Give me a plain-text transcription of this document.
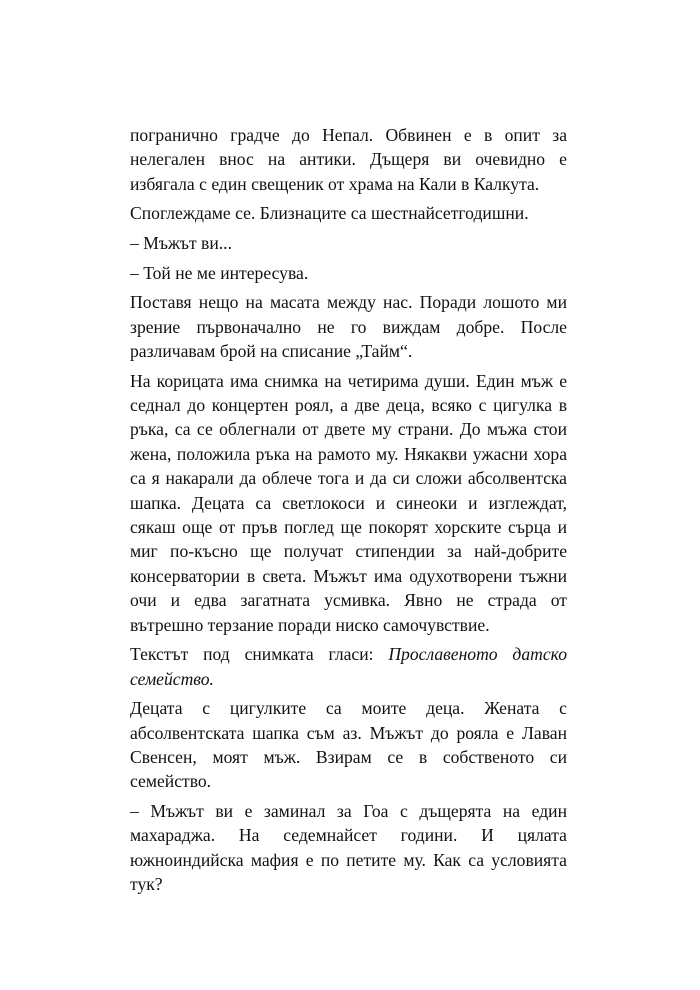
погранично градче до Непал. Обвинен е в опит за нелегален внос на антики. Дъщеря ви очевидно е избягала с един свещеник от храма на Кали в Калкута.

Споглеждаме се. Близнаците са шестнайсетгодишни.

– Мъжът ви...

– Той не ме интересува.

Поставя нещо на масата между нас. Поради лошото ми зрение първоначално не го виждам добре. После различавам брой на списание „Тайм“.

На корицата има снимка на четирима души. Един мъж е седнал до концертен роял, а две деца, всяко с цигулка в ръка, са се облегнали от двете му страни. До мъжа стои жена, положила ръка на рамото му. Някакви ужасни хора са я накарали да облече тога и да си сложи абсолвентска шапка. Децата са светлокоси и синеоки и изглеждат, сякаш още от пръв поглед ще покорят хорските сърца и миг по-късно ще получат стипендии за най-добрите консерватории в света. Мъжът има одухотворени тъжни очи и едва загатната усмивка. Явно не страда от вътрешно терзание поради ниско самочувствие.

Текстът под снимката гласи: Прославеното датско семейство.

Децата с цигулките са моите деца. Жената с абсолвентската шапка съм аз. Мъжът до рояла е Лаван Свенсен, моят мъж. Взирам се в собственото си семейство.

– Мъжът ви е заминал за Гоа с дъщерята на един махараджа. На седемнайсет години. И цялата южноиндийска мафия е по петите му. Как са условията тук?
